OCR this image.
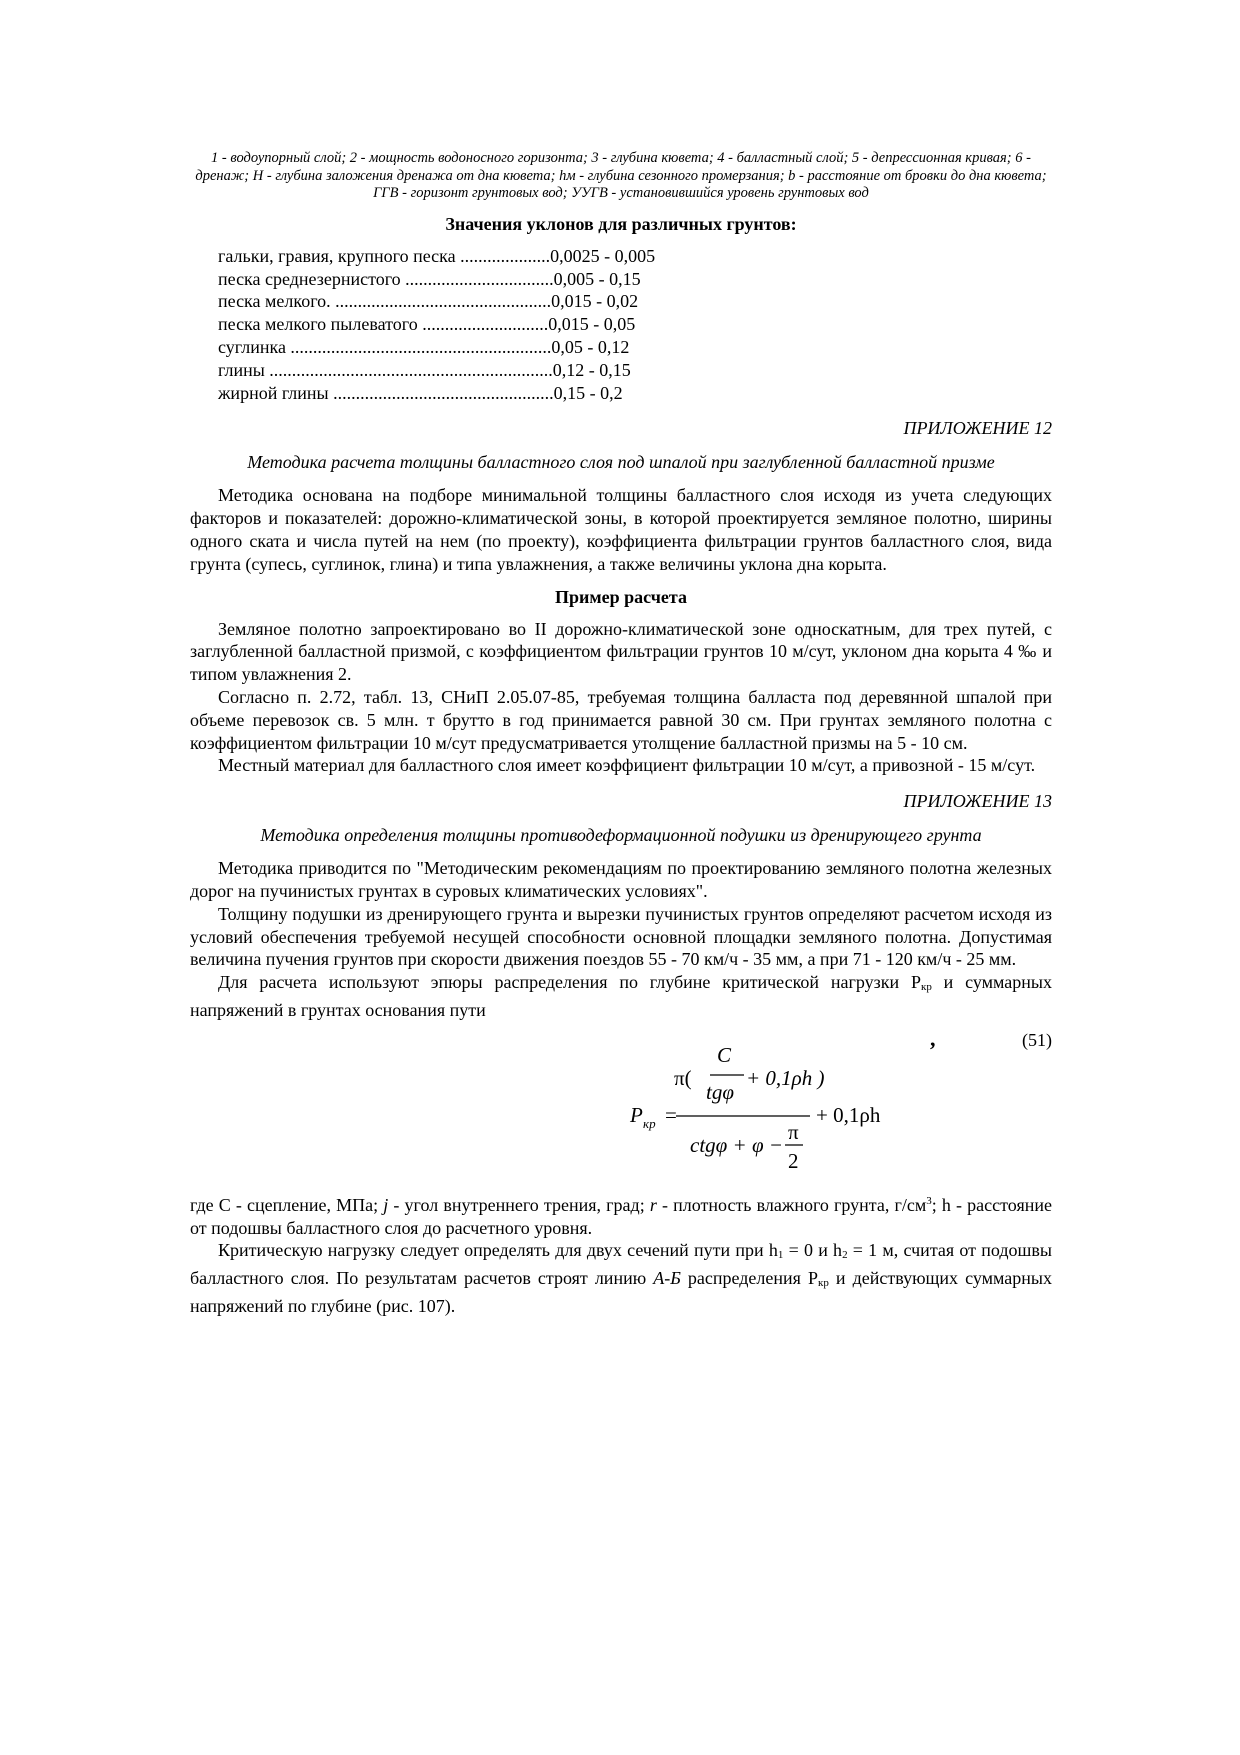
1 - водоупорный слой; 2 - мощность водоносного горизонта; 3 - глубина кювета; 4 - балластный слой; 5 - депрессионная кривая; 6 - дренаж; H - глубина заложения дренажа от дна кювета; hм - глубина сезонного промерзания; b - расстояние от бровки до дна кювета; ГГВ - горизонт грунтовых вод; УУГВ - установившийся уровень грунтовых вод

Значения уклонов для различных грунтов:
гальки, гравия, крупного песка ....................0,0025 - 0,005
песка среднезернистого .................................0,005 - 0,15
песка мелкого. ................................................0,015 - 0,02
песка мелкого пылеватого ............................0,015 - 0,05
суглинка ..........................................................0,05 - 0,12
глины ...............................................................0,12 - 0,15
жирной глины .................................................0,15 - 0,2
ПРИЛОЖЕНИЕ 12
Методика расчета толщины балластного слоя под шпалой при заглубленной балластной призме

Методика основана на подборе минимальной толщины балластного слоя исходя из учета следующих факторов и показателей: дорожно-климатической зоны, в которой проектируется земляное полотно, ширины одного ската и числа путей на нем (по проекту), коэффициента фильтрации грунтов балластного слоя, вида грунта (супесь, суглинок, глина) и типа увлажнения, а также величины уклона дна корыта.

Пример расчета

Земляное полотно запроектировано во II дорожно-климатической зоне односкатным, для трех путей, с заглубленной балластной призмой, с коэффициентом фильтрации грунтов 10 м/сут, уклоном дна корыта 4 ‰ и типом увлажнения 2.

Согласно п. 2.72, табл. 13, СНиП 2.05.07-85, требуемая толщина балласта под деревянной шпалой при объеме перевозок св. 5 млн. т брутто в год принимается равной 30 см. При грунтах земляного полотна с коэффициентом фильтрации 10 м/сут предусматривается утолщение балластной призмы на 5 - 10 см.

Местный материал для балластного слоя имеет коэффициент фильтрации 10 м/сут, а привозной - 15 м/сут.

ПРИЛОЖЕНИЕ 13
Методика определения толщины противодеформационной подушки из дренирующего грунта

Методика приводится по "Методическим рекомендациям по проектированию земляного полотна железных дорог на пучинистых грунтах в суровых климатических условиях".

Толщину подушки из дренирующего грунта и вырезки пучинистых грунтов определяют расчетом исходя из условий обеспечения требуемой несущей способности основной площадки земляного полотна. Допустимая величина пучения грунтов при скорости движения поездов 55 - 70 км/ч - 35 мм, а при 71 - 120 км/ч - 25 мм.

Для расчета используют эпюры распределения по глубине критической нагрузки Pкр и суммарных напряжений в грунтах основания пути

,	(51)
P кр =
π(
C
tgφ
+ 0,1ρh )
ctgφ + φ −
π
2
+ 0,1ρh

где С - сцепление, МПа; j - угол внутреннего трения, град; r - плотность влажного грунта, $г/см^3$; h - расстояние от подошвы балластного слоя до расчетного уровня.

Критическую нагрузку следует определять для двух сечений пути при h1 = 0 и h2 = 1 м, считая от подошвы балластного слоя. По результатам расчетов строят линию А-Б распределения Pкр и действующих суммарных напряжений по глубине (рис. 107).
